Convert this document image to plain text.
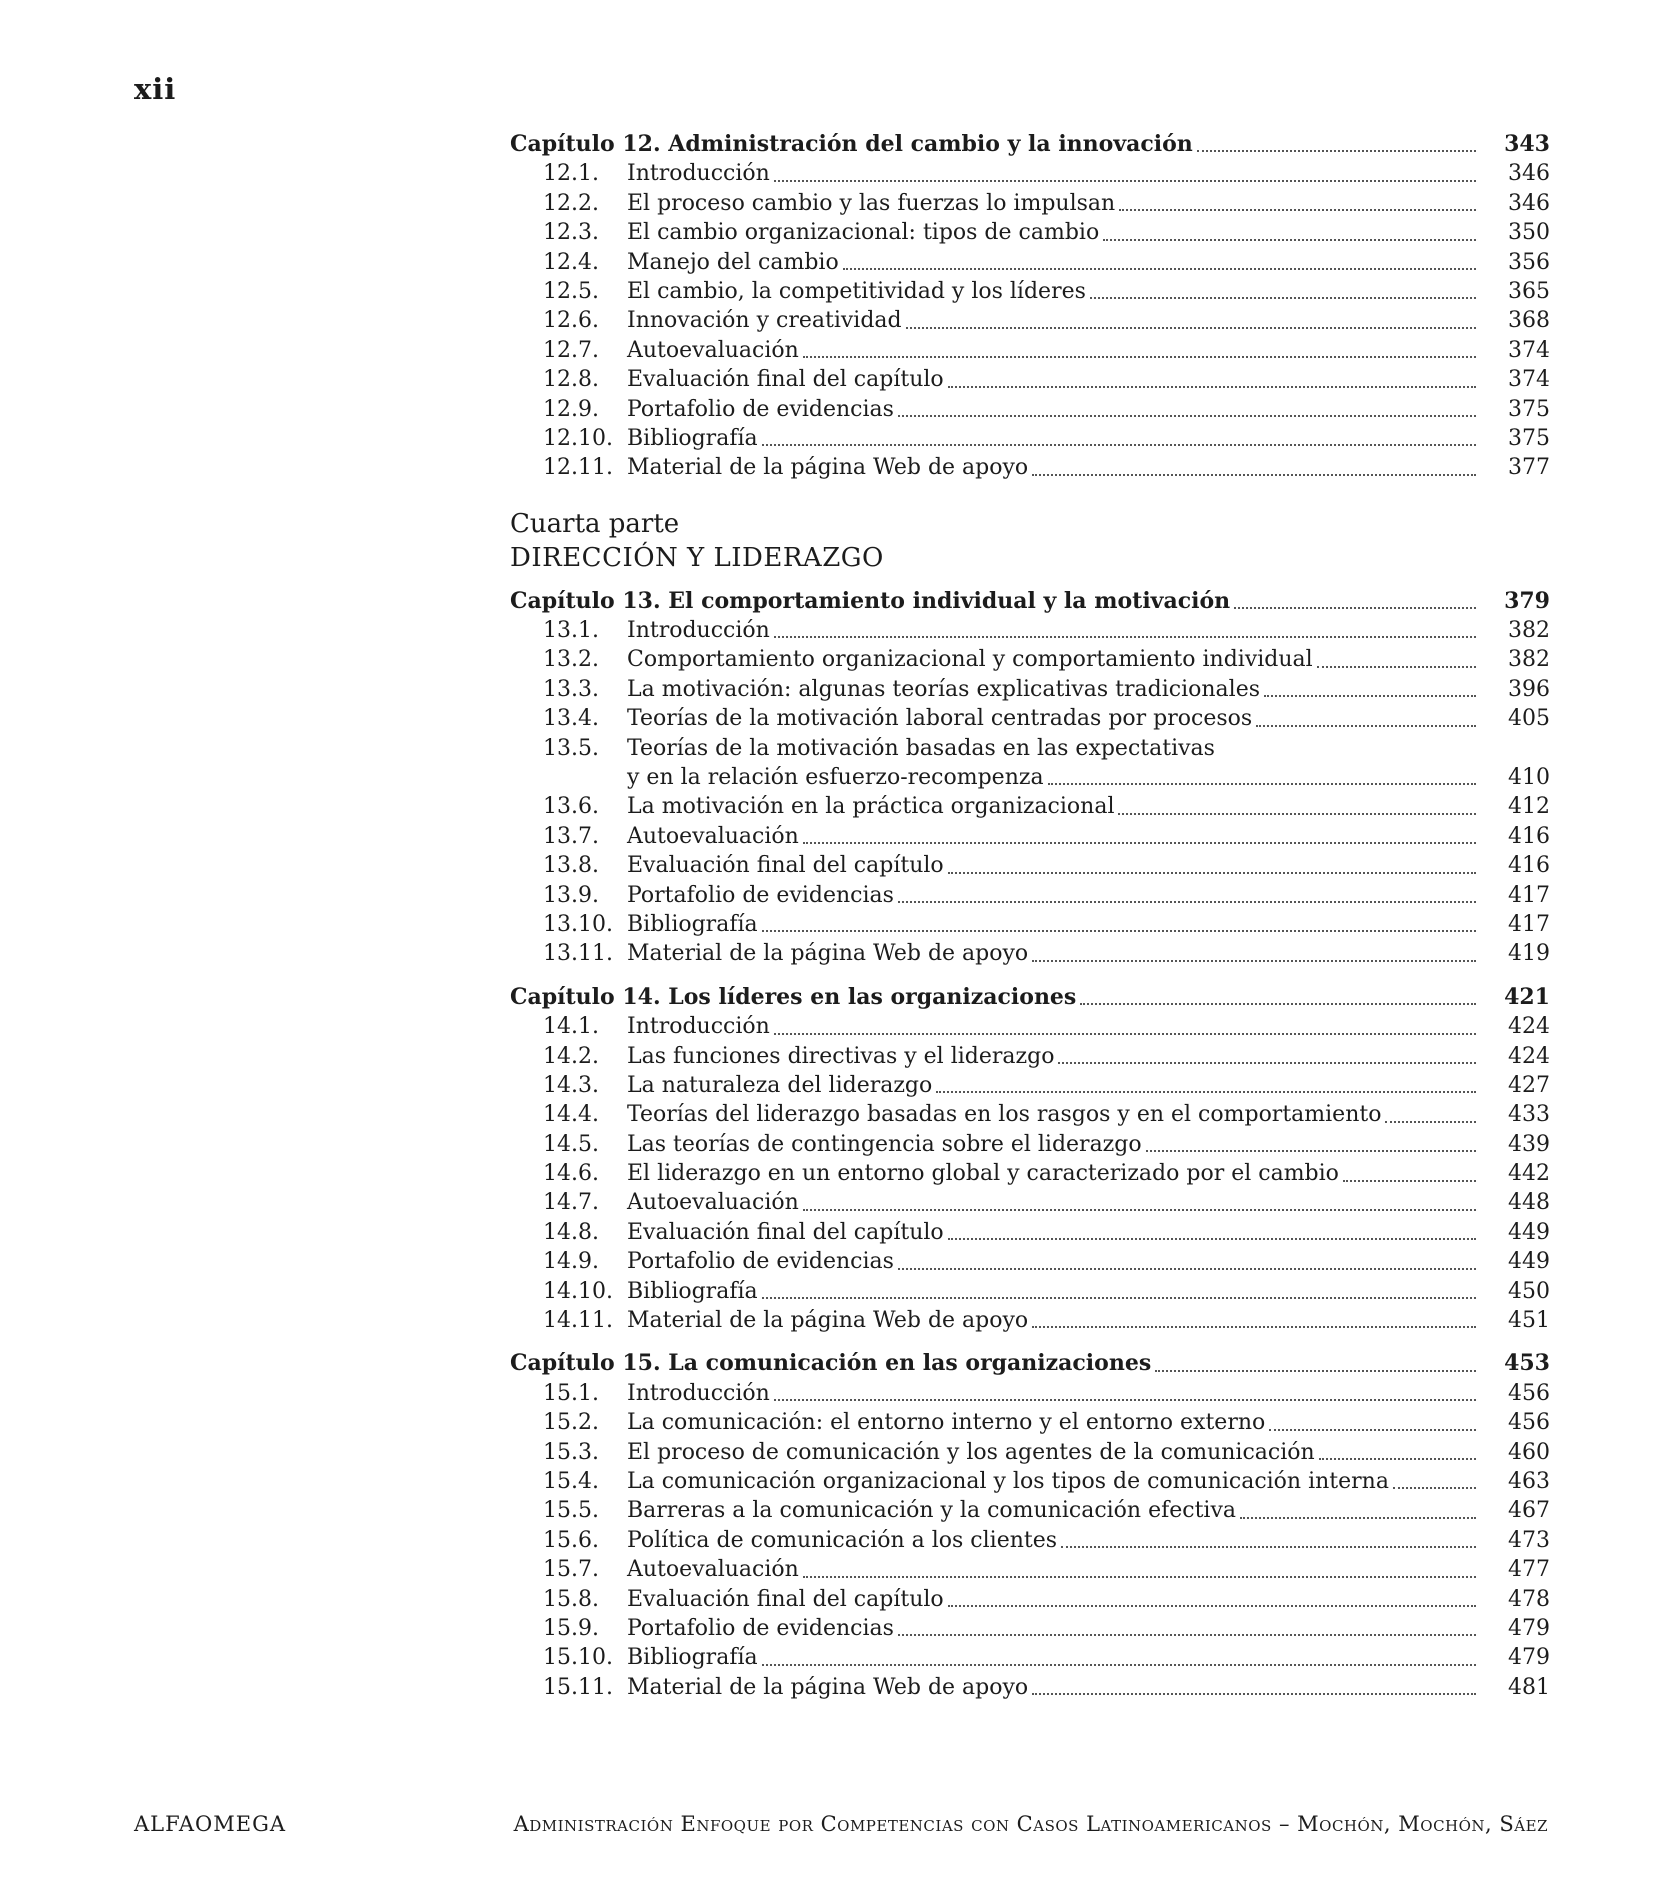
xii
Capítulo 12. Administración del cambio y la innovación	343
12.1.	Introducción	346
12.2.	El proceso cambio y las fuerzas lo impulsan	346
12.3.	El cambio organizacional: tipos de cambio	350
12.4.	Manejo del cambio	356
12.5.	El cambio, la competitividad y los líderes	365
12.6.	Innovación y creatividad	368
12.7.	Autoevaluación	374
12.8.	Evaluación final del capítulo	374
12.9.	Portafolio de evidencias	375
12.10. Bibliografía	375
12.11. Material de la página Web de apoyo	377
Cuarta parte
DIRECCIÓN Y LIDERAZGO
Capítulo 13. El comportamiento individual y la motivación	379
13.1.	Introducción	382
13.2.	Comportamiento organizacional y comportamiento individual	382
13.3.	La motivación: algunas teorías explicativas tradicionales	396
13.4.	Teorías de la motivación laboral centradas por procesos	405
13.5.	Teorías de la motivación basadas en las expectativas
y en la relación esfuerzo-recompenza	410
13.6.	La motivación en la práctica organizacional	412
13.7.	Autoevaluación	416
13.8.	Evaluación final del capítulo	416
13.9.	Portafolio de evidencias	417
13.10. Bibliografía	417
13.11. Material de la página Web de apoyo	419
Capítulo 14. Los líderes en las organizaciones	421
14.1.	Introducción	424
14.2.	Las funciones directivas y el liderazgo	424
14.3.	La naturaleza del liderazgo	427
14.4.	Teorías del liderazgo basadas en los rasgos y en el comportamiento	433
14.5.	Las teorías de contingencia sobre el liderazgo	439
14.6.	El liderazgo en un entorno global y caracterizado por el cambio	442
14.7.	Autoevaluación	448
14.8.	Evaluación final del capítulo	449
14.9.	Portafolio de evidencias	449
14.10. Bibliografía	450
14.11. Material de la página Web de apoyo	451
Capítulo 15. La comunicación en las organizaciones	453
15.1.	Introducción	456
15.2.	La comunicación: el entorno interno y el entorno externo	456
15.3.	El proceso de comunicación y los agentes de la comunicación	460
15.4.	La comunicación organizacional y los tipos de comunicación interna	463
15.5.	Barreras a la comunicación y la comunicación efectiva	467
15.6.	Política de comunicación a los clientes	473
15.7.	Autoevaluación	477
15.8.	Evaluación final del capítulo	478
15.9.	Portafolio de evidencias	479
15.10. Bibliografía	479
15.11. Material de la página Web de apoyo	481
ALFAOMEGA	Administración Enfoque por Competencias con Casos Latinoamericanos – Mochón, Mochón, Sáez
